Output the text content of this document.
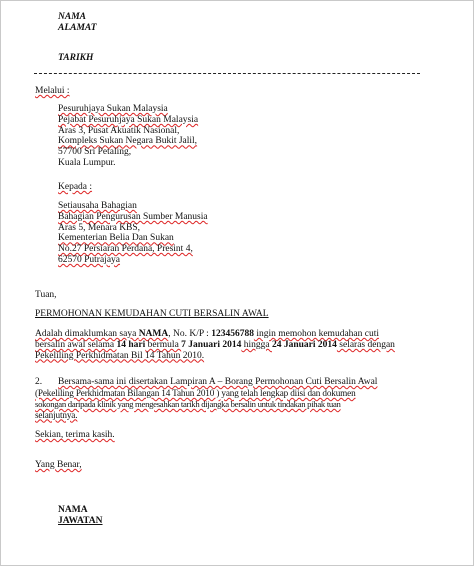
NAMA
ALAMAT
TARIKH
Melalui :
Pesuruhjaya Sukan Malaysia
Pejabat Pesuruhjaya Sukan Malaysia
Aras 3, Pusat Akuatik Nasional,
Kompleks Sukan Negara Bukit Jalil,
57700 Sri Petaling,
Kuala Lumpur.
Kepada :
Setiausaha Bahagian
Bahagian Pengurusan Sumber Manusia
Aras 5, Menara KBS,
Kementerian Belia Dan Sukan
No.27 Persiaran Perdana, Presint 4,
62570 Putrajaya
Tuan,
PERMOHONAN KEMUDAHAN CUTI BERSALIN AWAL
Adalah dimaklumkan saya NAMA, No. K/P : 123456788 ingin memohon kemudahan cuti
bersalin awal selama 14 hari bermula 7 Januari 2014 hingga 24 Januari 2014 selaras dengan
Pekeliling Perkhidmatan Bil 14 Tahun 2010.
2. Bersama-sama ini disertakan Lampiran A – Borang Permohonan Cuti Bersalin Awal
(Pekeliling Perkhidmatan Bilangan 14 Tahun 2010 ) yang telah lengkap diisi dan dokumen
sokongan daripada klinik yang mengesahkan tarikh dijangka bersalin untuk tindakan pihak tuan
selanjutnya.
Sekian, terima kasih.
Yang Benar,
NAMA
JAWATAN
